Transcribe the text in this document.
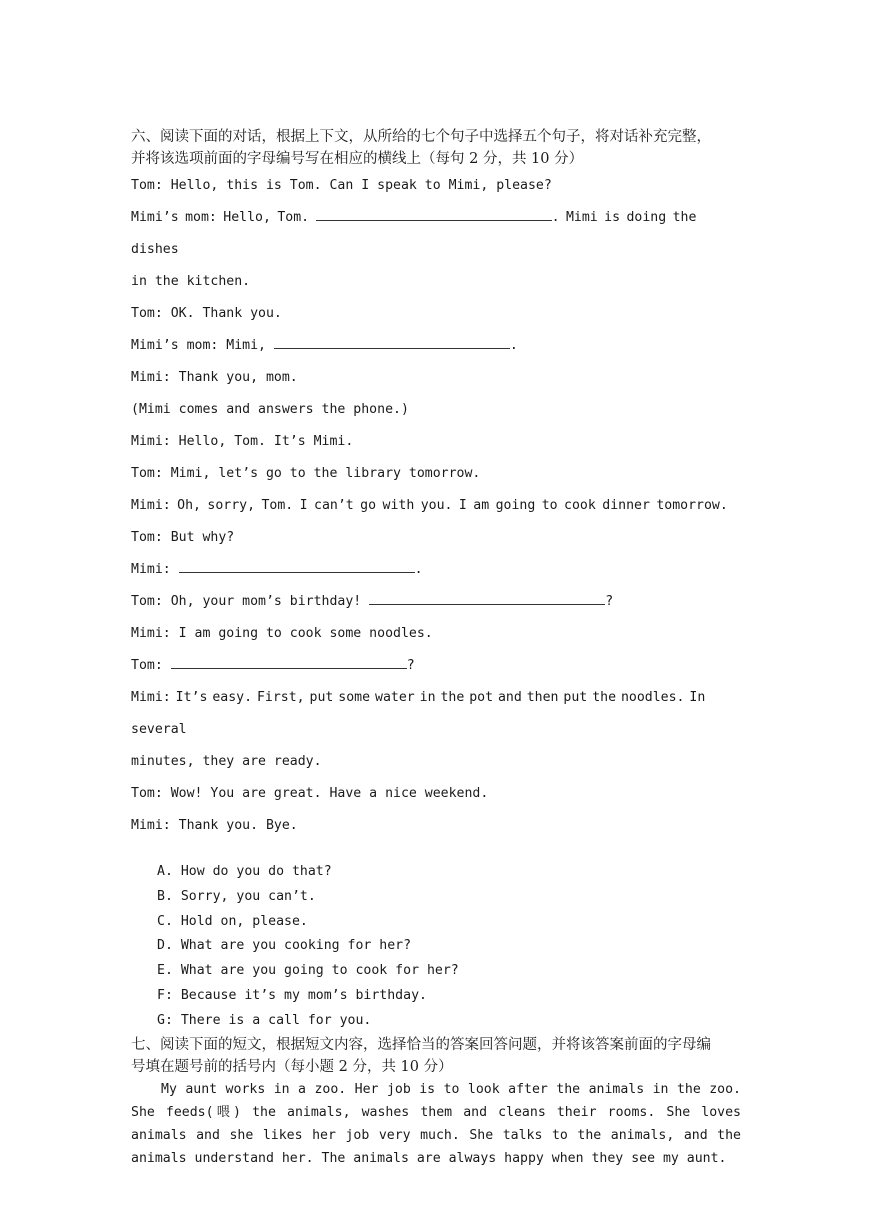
六、阅读下面的对话，根据上下文，从所给的七个句子中选择五个句子，将对话补充完整，
并将该选项前面的字母编号写在相应的横线上（每句 2 分，共 10 分）

Tom: Hello, this is Tom. Can I speak to Mimi, please?

Mimi’s mom: Hello, Tom.	. Mimi is doing the dishes

in the kitchen.

Tom: OK. Thank you.

Mimi’s mom: Mimi,	.

Mimi: Thank you, mom.

(Mimi comes and answers the phone.)

Mimi: Hello, Tom. It’s Mimi.

Tom: Mimi, let’s go to the library tomorrow.

Mimi: Oh, sorry, Tom. I can’t go with you. I am going to cook dinner tomorrow.

Tom: But why?

Mimi:	.

Tom: Oh, your mom’s birthday!	?

Mimi: I am going to cook some noodles.

Tom:	?

Mimi: It’s easy. First, put some water in the pot and then put the noodles. In several

minutes, they are ready.

Tom: Wow! You are great. Have a nice weekend.

Mimi: Thank you. Bye.

A. How do you do that?
B. Sorry, you can’t.
C. Hold on, please.
D. What are you cooking for her?
E. What are you going to cook for her?
F: Because it’s my mom’s birthday.
G: There is a call for you.

七、阅读下面的短文，根据短文内容，选择恰当的答案回答问题，并将该答案前面的字母编
号填在题号前的括号内（每小题 2 分，共 10 分）

My aunt works in a zoo. Her job is to look after the animals in the zoo. She feeds(喂) the animals, washes them and cleans their rooms. She loves animals and she likes her job very much. She talks to the animals, and the animals understand her. The animals are always happy when they see my aunt.
